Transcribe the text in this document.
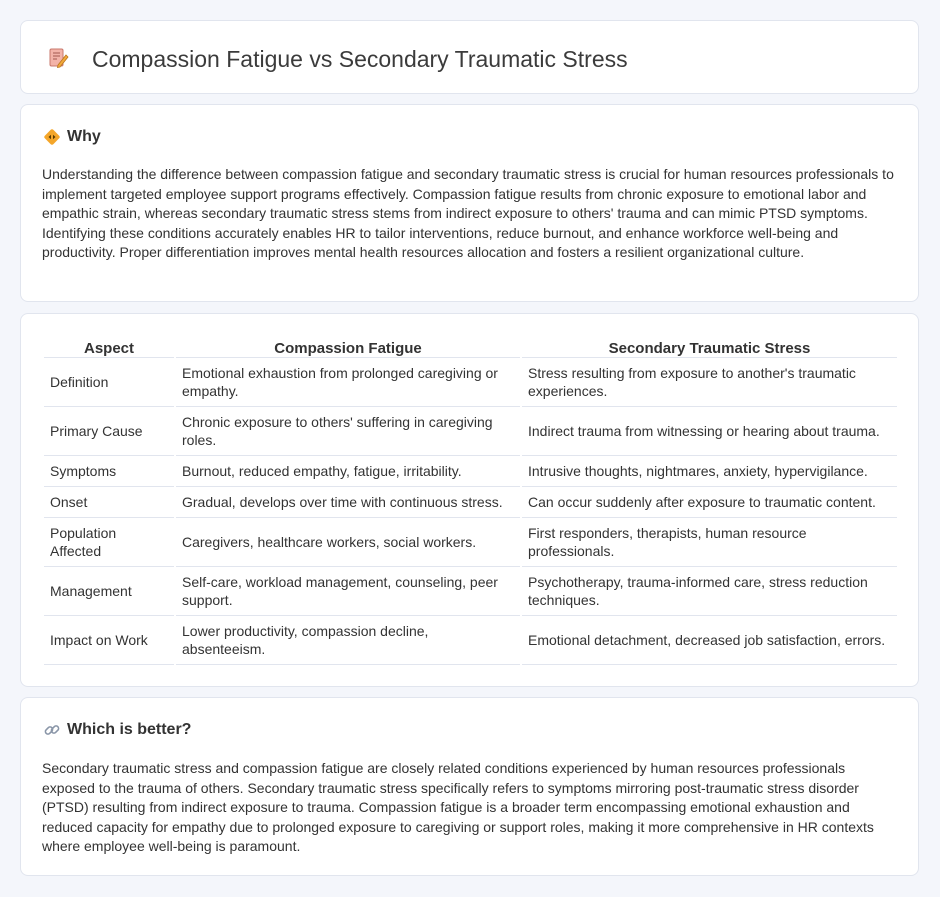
Compassion Fatigue vs Secondary Traumatic Stress
Why

Understanding the difference between compassion fatigue and secondary traumatic stress is crucial for human resources professionals to implement targeted employee support programs effectively. Compassion fatigue results from chronic exposure to emotional labor and empathic strain, whereas secondary traumatic stress stems from indirect exposure to others' trauma and can mimic PTSD symptoms. Identifying these conditions accurately enables HR to tailor interventions, reduce burnout, and enhance workforce well-being and productivity. Proper differentiation improves mental health resources allocation and fosters a resilient organizational culture.

Aspect	Compassion Fatigue	Secondary Traumatic Stress
Definition	Emotional exhaustion from prolonged caregiving or empathy.	Stress resulting from exposure to another's traumatic experiences.
Primary Cause	Chronic exposure to others' suffering in caregiving roles.	Indirect trauma from witnessing or hearing about trauma.
Symptoms	Burnout, reduced empathy, fatigue, irritability.	Intrusive thoughts, nightmares, anxiety, hypervigilance.
Onset	Gradual, develops over time with continuous stress.	Can occur suddenly after exposure to traumatic content.
Population Affected	Caregivers, healthcare workers, social workers.	First responders, therapists, human resource professionals.
Management	Self-care, workload management, counseling, peer support.	Psychotherapy, trauma-informed care, stress reduction techniques.
Impact on Work	Lower productivity, compassion decline, absenteeism.	Emotional detachment, decreased job satisfaction, errors.
Which is better?

Secondary traumatic stress and compassion fatigue are closely related conditions experienced by human resources professionals exposed to the trauma of others. Secondary traumatic stress specifically refers to symptoms mirroring post-traumatic stress disorder (PTSD) resulting from indirect exposure to trauma. Compassion fatigue is a broader term encompassing emotional exhaustion and reduced capacity for empathy due to prolonged exposure to caregiving or support roles, making it more comprehensive in HR contexts where employee well-being is paramount.
